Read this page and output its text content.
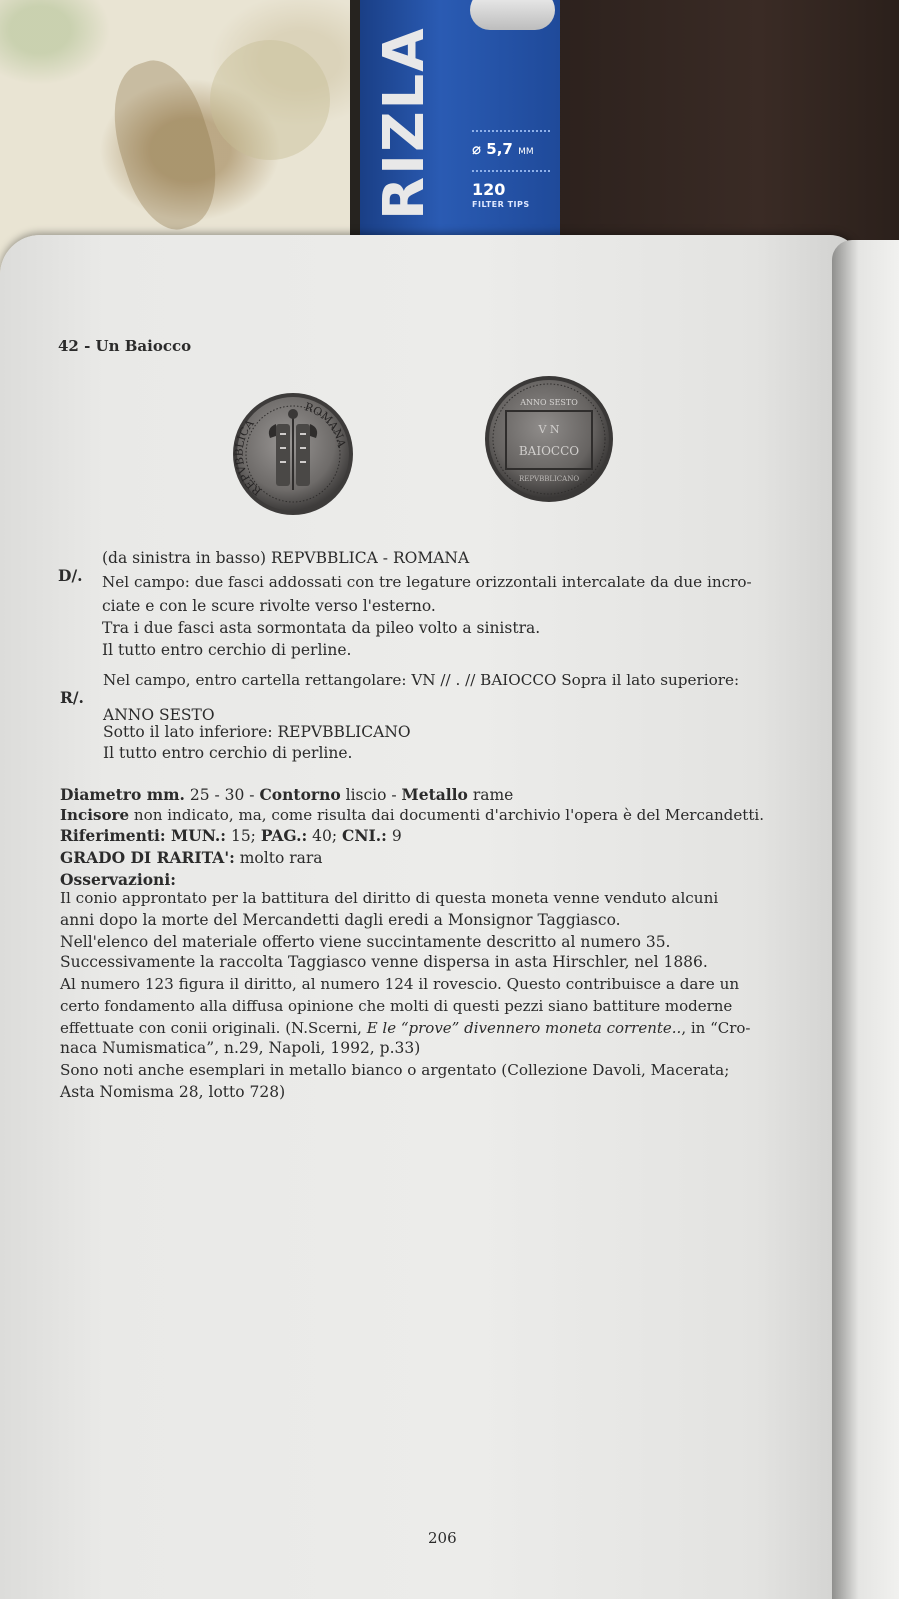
RIZLA ⌀ 5,7 MM
120
FILTER TIPS
42 - Un Baiocco
REPVBBLICA
ROMANA
ANNO SESTO
V N
BAIOCCO
REPVBBLICANO
D/.
(da sinistra in basso) REPVBBLICA - ROMANA
Nel campo: due fasci addossati con tre legature orizzontali intercalate da due incro-
ciate e con le scure rivolte verso l'esterno.
Tra i due fasci asta sormontata da pileo volto a sinistra.
Il tutto entro cerchio di perline.
R/.
Nel campo, entro cartella rettangolare: VN // . // BAIOCCO Sopra il lato superiore:
ANNO SESTO
Sotto il lato inferiore: REPVBBLICANO
Il tutto entro cerchio di perline.
Diametro mm. 25 - 30 - Contorno liscio - Metallo rame
Incisore non indicato, ma, come risulta dai documenti d'archivio l'opera è del Mercandetti.
Riferimenti: MUN.: 15; PAG.: 40; CNI.: 9
GRADO DI RARITA': molto rara
Osservazioni:
Il conio approntato per la battitura del diritto di questa moneta venne venduto alcuni
anni dopo la morte del Mercandetti dagli eredi a Monsignor Taggiasco.
Nell'elenco del materiale offerto viene succintamente descritto al numero 35.
Successivamente la raccolta Taggiasco venne dispersa in asta Hirschler, nel 1886.
Al numero 123 figura il diritto, al numero 124 il rovescio. Questo contribuisce a dare un
certo fondamento alla diffusa opinione che molti di questi pezzi siano battiture moderne
effettuate con conii originali. (N.Scerni, E le “prove” divennero moneta corrente.., in “Cro-
naca Numismatica”, n.29, Napoli, 1992, p.33)
Sono noti anche esemplari in metallo bianco o argentato (Collezione Davoli, Macerata;
Asta Nomisma 28, lotto 728)
206
